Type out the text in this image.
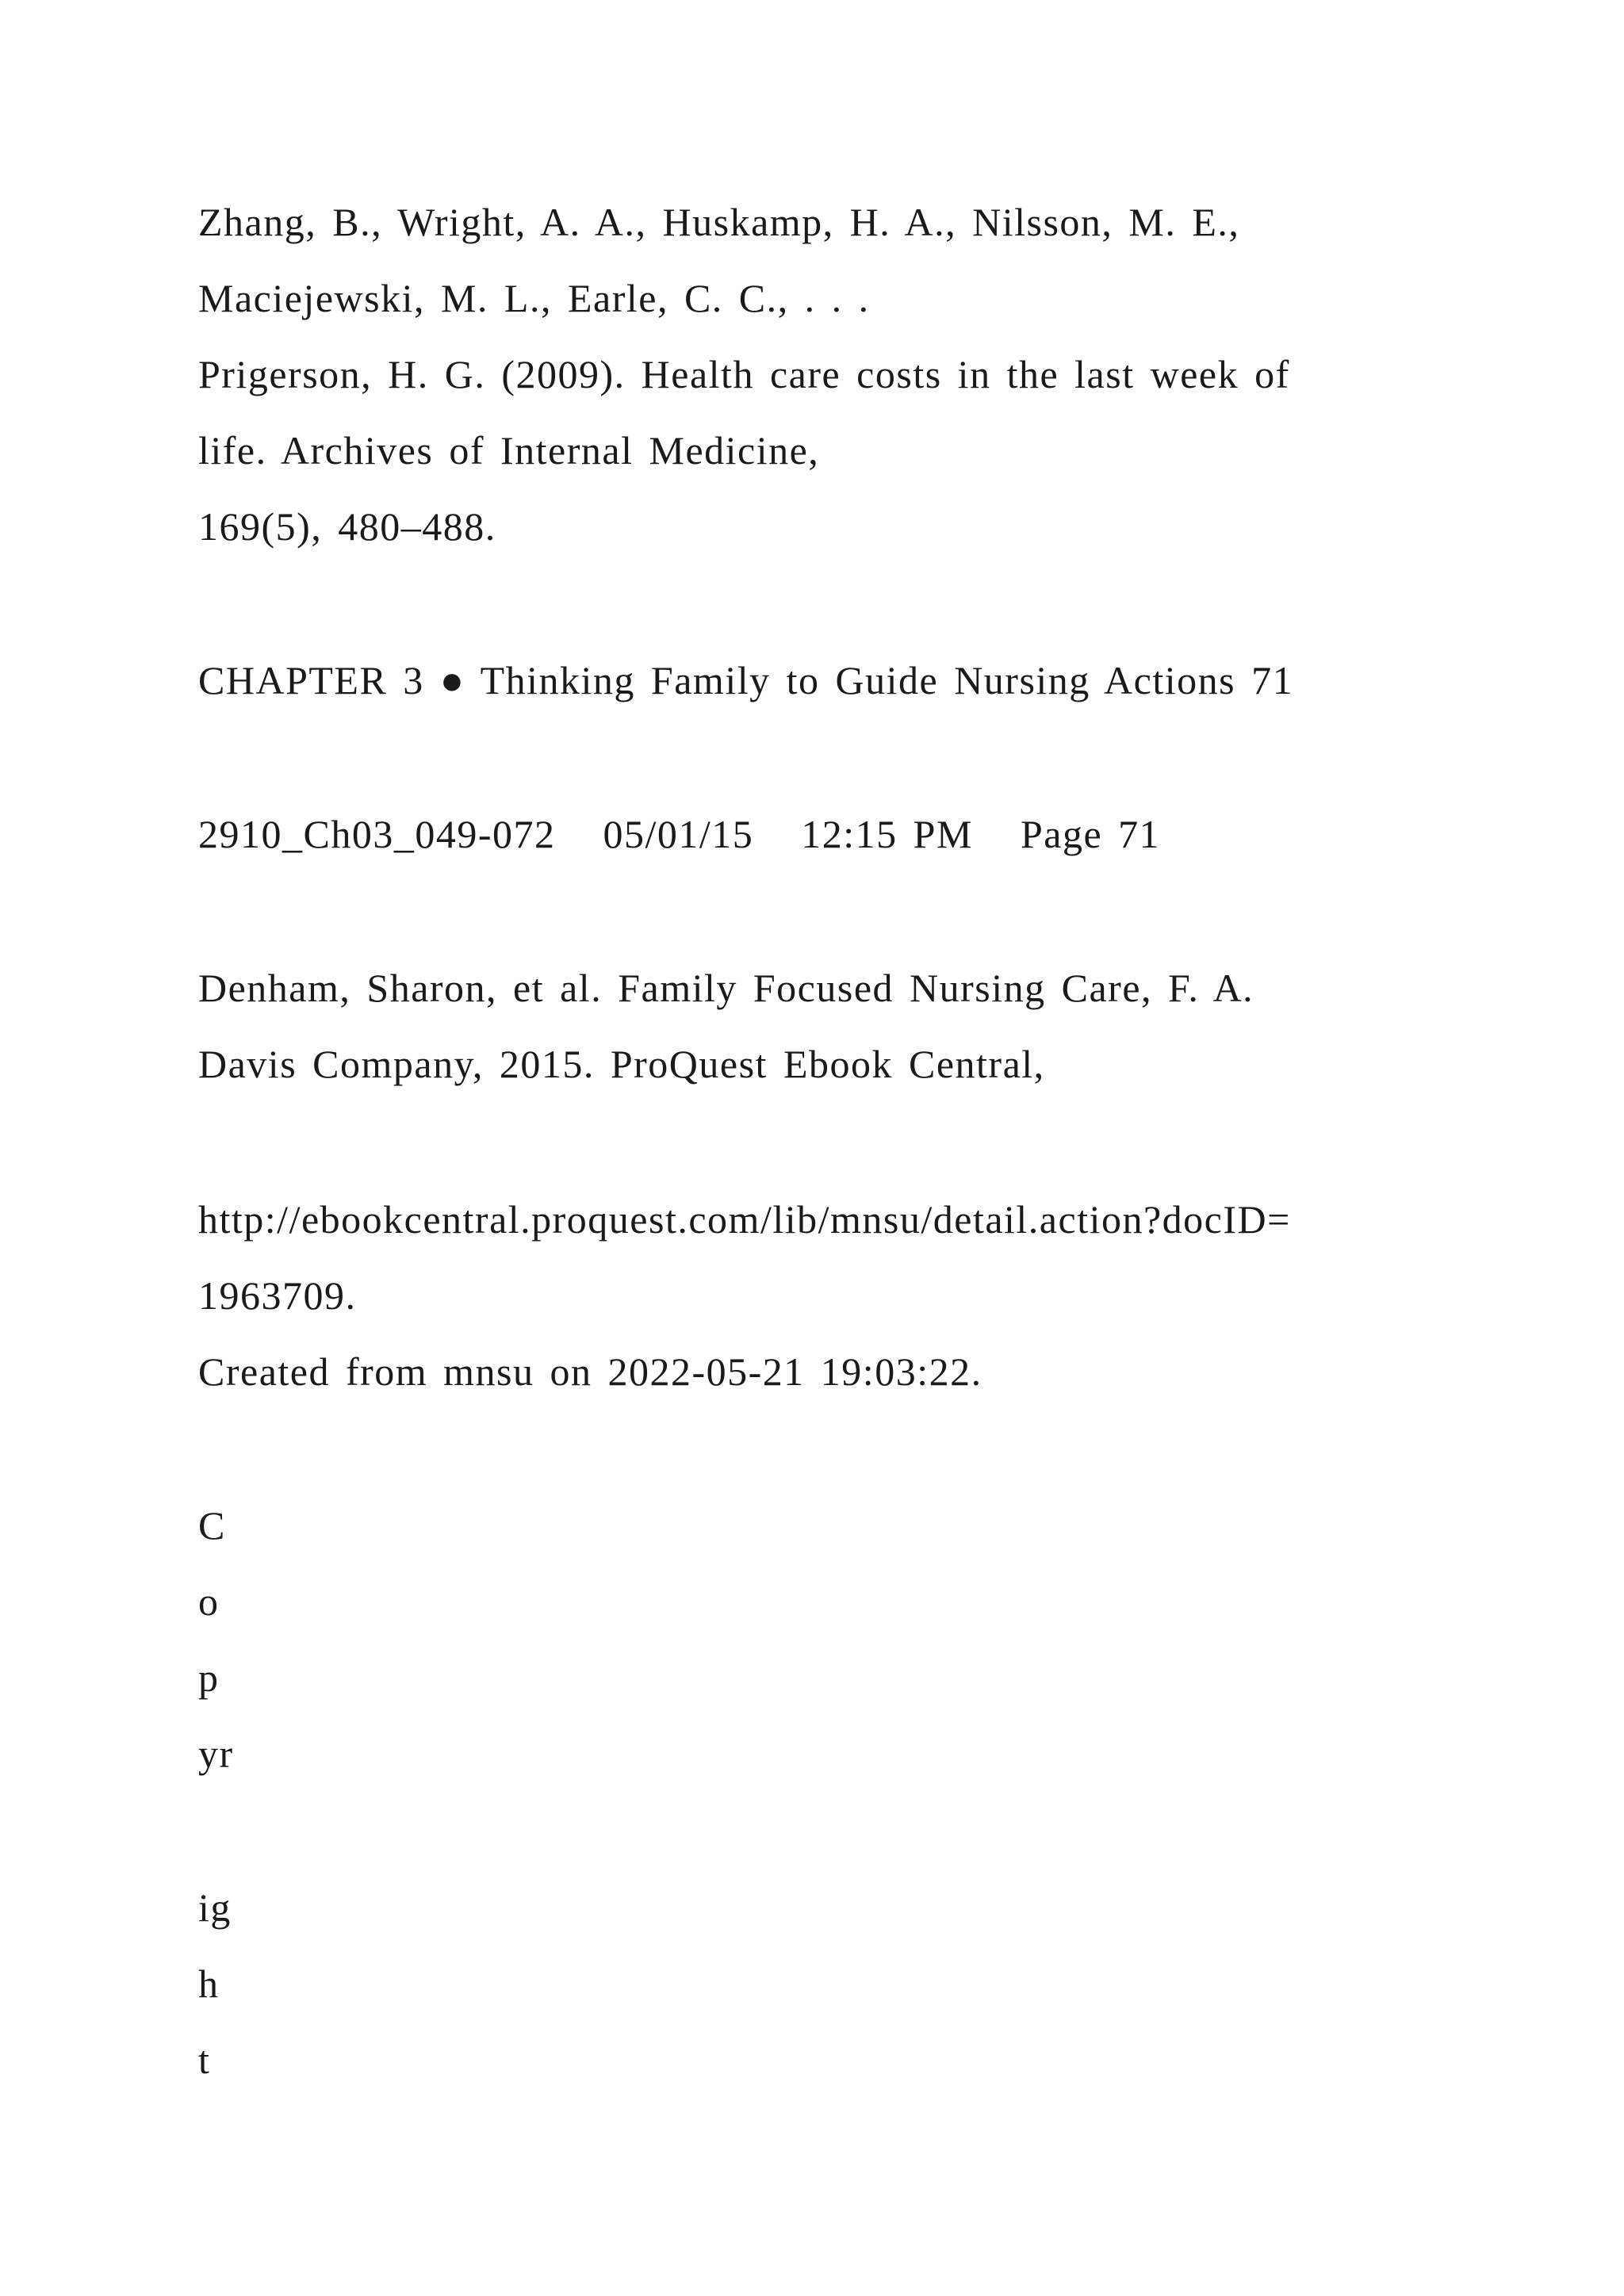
Zhang, B., Wright, A. A., Huskamp, H. A., Nilsson, M. E.,
Maciejewski, M. L., Earle, C. C., . . .
Prigerson, H. G. (2009). Health care costs in the last week of
life. Archives of Internal Medicine,
169(5), 480–488.
CHAPTER 3 ● Thinking Family to Guide Nursing Actions 71
2910_Ch03_049-072   05/01/15   12:15 PM   Page 71
Denham, Sharon, et al. Family Focused Nursing Care, F. A.
Davis Company, 2015. ProQuest Ebook Central,
http://ebookcentral.proquest.com/lib/mnsu/detail.action?docID=
1963709.
Created from mnsu on 2022-05-21 19:03:22.
C
o
p
yr
ig
h
t
